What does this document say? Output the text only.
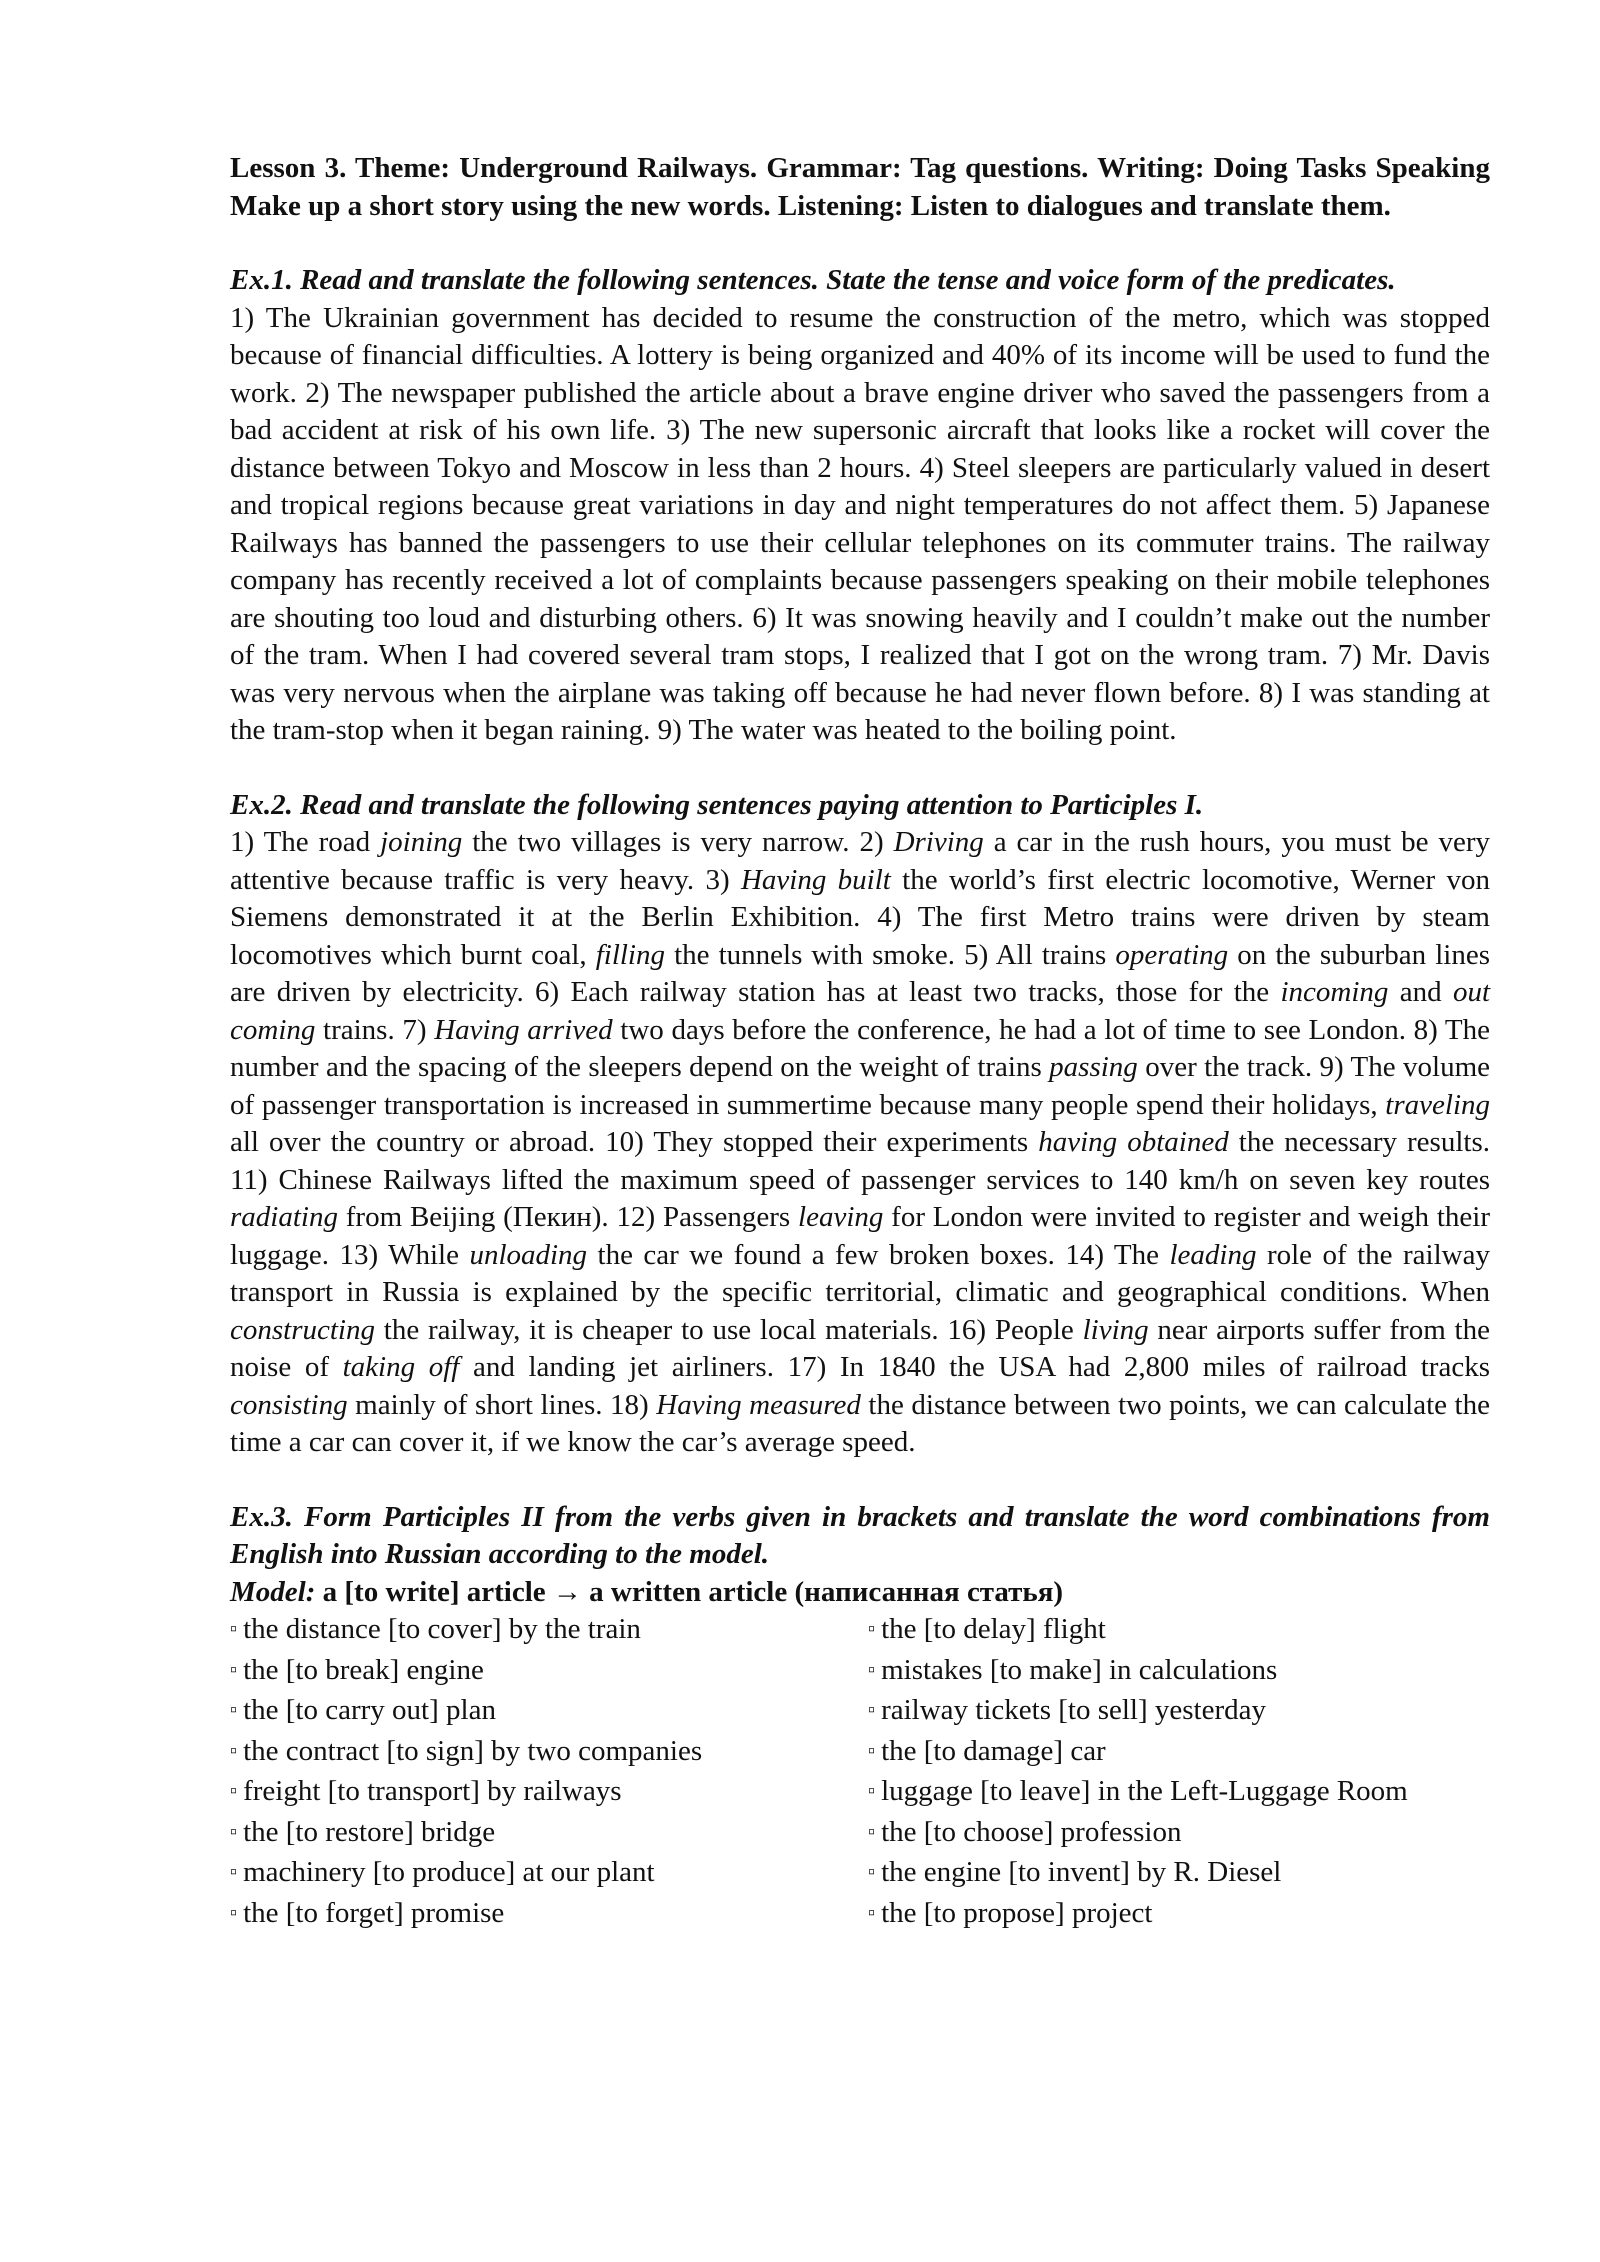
Lesson 3. Theme: Underground Railways. Grammar: Tag questions. Writing: Doing Tasks Speaking Make up a short story using the new words. Listening: Listen to dialogues and translate them.

Ex.1. Read and translate the following sentences. State the tense and voice form of the predicates.

1) The Ukrainian government has decided to resume the construction of the metro, which was stopped because of financial difficulties. A lottery is being organized and 40% of its income will be used to fund the work. 2) The newspaper published the article about a brave engine driver who saved the passengers from a bad accident at risk of his own life. 3) The new supersonic aircraft that looks like a rocket will cover the distance between Tokyo and Moscow in less than 2 hours. 4) Steel sleepers are particularly valued in desert and tropical regions because great variations in day and night temperatures do not affect them. 5) Japanese Railways has banned the passengers to use their cellular telephones on its commuter trains. The railway company has recently received a lot of complaints because passengers speaking on their mobile telephones are shouting too loud and disturbing others. 6) It was snowing heavily and I couldn’t make out the number of the tram. When I had covered several tram stops, I realized that I got on the wrong tram. 7) Mr. Davis was very nervous when the airplane was taking off because he had never flown before. 8) I was standing at the tram-stop when it began raining. 9) The water was heated to the boiling point.

Ex.2. Read and translate the following sentences paying attention to Participles I.

1) The road joining the two villages is very narrow. 2) Driving a car in the rush hours, you must be very attentive because traffic is very heavy. 3) Having built the world’s first electric locomotive, Werner von Siemens demonstrated it at the Berlin Exhibition. 4) The first Metro trains were driven by steam locomotives which burnt coal, filling the tunnels with smoke. 5) All trains operating on the suburban lines are driven by electricity. 6) Each railway station has at least two tracks, those for the incoming and out coming trains. 7) Having arrived two days before the conference, he had a lot of time to see London. 8) The number and the spacing of the sleepers depend on the weight of trains passing over the track. 9) The volume of passenger transportation is increased in summertime because many people spend their holidays, traveling all over the country or abroad. 10) They stopped their experiments having obtained the necessary results. 11) Chinese Railways lifted the maximum speed of passenger services to 140 km/h on seven key routes radiating from Beijing (Пекин). 12) Passengers leaving for London were invited to register and weigh their luggage. 13) While unloading the car we found a few broken boxes. 14) The leading role of the railway transport in Russia is explained by the specific territorial, climatic and geographical conditions. When constructing the railway, it is cheaper to use local materials. 16) People living near airports suffer from the noise of taking off and landing jet airliners. 17) In 1840 the USA had 2,800 miles of railroad tracks consisting mainly of short lines. 18) Having measured the distance between two points, we can calculate the time a car can cover it, if we know the car’s average speed.

Ex.3. Form Participles II from the verbs given in brackets and translate the word combinations from English into Russian according to the model.

Model: a [to write] article → a written article (написанная статья)

▫ the distance [to cover] by the train
▫ the [to break] engine
▫ the [to carry out] plan
▫ the contract [to sign] by two companies
▫ freight [to transport] by railways
▫ the [to restore] bridge
▫ machinery [to produce] at our plant
▫ the [to forget] promise
▫ the [to delay] flight
▫ mistakes [to make] in calculations
▫ railway tickets [to sell] yesterday
▫ the [to damage] car
▫ luggage [to leave] in the Left-Luggage Room
▫ the [to choose] profession
▫ the engine [to invent] by R. Diesel
▫ the [to propose] project
